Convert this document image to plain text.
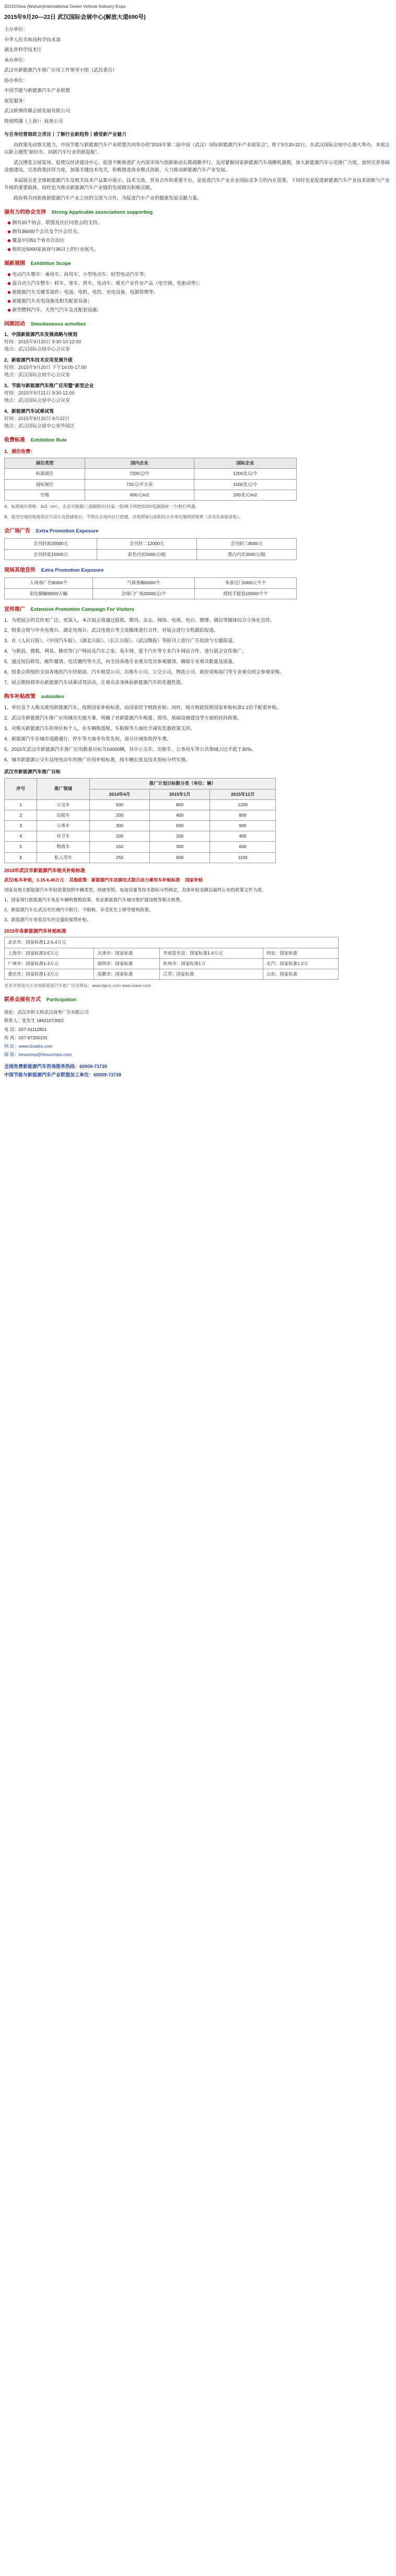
2015China (Wuhan)International Green Vehicle Industry Expo
2015年9月20—22日 武汉国际会展中心(解放大道690号)

主办单位：

中华人民共和国科学技术部

湖北省科学技术厅

承办单位：

武汉市新能源汽车推广应用工作领导小组（武昌委员）

协办单位：

中国节能与新能源汽车产业联盟

展览服务：

武汉欧博传媒会展发展有限公司

特别鸣谢（上海）：商务公司

与自身经营商政立项目丨了解行业新趋势丨感受新产业魅力

由政策先动察无能力，中国节能与新能源汽车产业联盟共同举办的“2015年第二届中国（武汉）国际新能源汽车产业展览会”，将于9月20-22日，在武汉国际会展中心盛大举办。本展会以新主题性“新旧车、同新汽车行业的新起航”。

武汉博览会展览场、促使以经济建设中心、促进不断推进扩大内需市场与创新驱动长期战略并行，及对紧握国家新能源汽车战略机遇期，加大新能源汽车示范推广力度，加快完善基础设施建设，完善政策扶持力度，加强关键技术攻关，积极推进商业模式创新，大力推动新能源汽车产业发展。

本届展会是全球新能源汽车及相关技术产品集中展示、技术交流、贸易合作的重要平台，是促进汽车产业企业国际竞争力的内在需要，下同时也是促进新能源汽车产业技术创新与产业升级的重要载体，同时也为推动新能源汽车产业链的发展做出积极贡献。

政府将共同助推新能源汽车产业之间的交流与合作，为促进汽车产业的健康发展贡献力量。

强有力的协会支持 Strong Applicable associations supporting
◆ 拥有20个协会、联盟及社区同意会的支持。
◆ 拥有36000个会员及个区会员关。
◆ 覆盖中国51个省市自治区
◆ 组织近5000家展商与36以上的行业展关。
展新展围 Exhibition Scope
◆ 电动汽车整车：乘用车、商用车、小型电动车、轻型电动汽车等；
◆ 混合动力汽车整车：轿车、客车、货车、电动车、观光产业作业产品（电空调、电驱动等）；
◆ 新能源汽车关键零部件：电池、电机、电控、充电设备、电源管理等；
◆ 新能源汽车充电设施及相关配套设备；
◆ 新型燃料汽车、天然气汽车及其配套设施。
同期活动 Simultaneous activities
1、中国新能源汽车发展战略与规划
时间：2015年9月20日 9:30-10:12:00
地点：武汉国际会展中心会议室
2、新能源汽车技术应用发展升级
时间：2015年9月20日 下午14:00-17:00
地点：武汉国际会展中心会议室
3、节能与新能源汽车推广应用暨“新型企业
时间：2015年9月21日 9:30-12:00
地点：武汉国际会展中心会议室
4、新能源汽车试乘试驾
时间：2015年9月20日-9月22日
地点：武汉国际会展中心室外展区
收费标准 Exhibition Rule
1、展位收费：
展位类型	国内企业	国际企业
标准展位	7200元/个	1200美元/个
商标展位	720元/平方米	1500美元/个
空地	600元/m2	200美元/m2
A、标准展位规格：3x3（m²），企业可根据/三面隔板/位社桌一张/椅子两把/220V电源插座一个/射灯两盏。
B、租用空地的展商须自行设计及搭建展台、不得在会场内自行搭建，并按照展台面积向主办单位缴纳管理费（详见其参展章程）。
会广场广告 Extra Promotion Exposure
会刊封面20000元	会刊封二12000元	会刊封三8000元
会刊封底15000元	彩色内页5000元/版	黑白内页3000元/版
现场其他宣传 Extra Promotion Exposure
入场券广告9000/个	气球条幅6000/个	布景过门5000元个个
彩色横幅9000/万幅	会场门广场20000元/个	授权手提袋10000/个个
宣传推广 Extensive Promotion Campaign For Visitors

1、为使展会的宣传更广泛、更深入，本次展会将通过报纸、期刊、杂志、网络、电视、电台、微博、微信等媒体综合立体化宣传。

2、组委会将与中央电视台、湖北电视台、武汉电视台等主流媒体进行合作，对展会进行全程跟踪报道。

3、在《人民日报》、《中国汽车报》、《湖北日报》、《长江日报》、《武汉晚报》等报刊上进行广告投放与专题报道。

4、与新浪、搜狐、网易、腾讯等门户网站及汽车之家、易车网、爱卡汽车等专业汽车网站合作，进行展会宣传推广。

5、通过短信群发、邮件邀请、电话邀约等方式，向全国各地专业观众发出参观邀请，确保专业观众数量及质量。

6、组委会将组织全国各地的汽车经销商、汽车租赁公司、出租车公司、公交公司、物流公司、政府采购部门等专业观众到会参观采购。

7、展会期间将举办新能源汽车试乘试驾活动，让观众亲身体验新能源汽车的优越性能。

购车补贴政策 subsidies

1、单位及个人购买使用新能源汽车，按照国家补贴标准，由国家给予财政补贴；同时，地方财政按照国家补贴标准1:1给予配套补贴。

2、武汉市新能源汽车推广应用城市实施方案，明确了对新能源汽车购置、使用、基础设施建设等方面的扶持政策。

3、对购买新能源汽车的单位和个人，在车辆购置税、车船税等方面给予减免优惠政策支持。

4、新能源汽车在城市道路通行、停车等方面享有优先权，部分区域免收停车费。

5、2015年武汉市新能源汽车推广应用数量目标为10000辆，其中公交车、出租车、公务用车等公共领域占比不低于30%。

6、城市新能源公交车及纯电动车的推广应用补贴标准，按车辆长度及技术指标分档实施。

武汉市新能源汽车推广目标
序号	推广领域	推广计划目标数分类（单位：辆）		
		2014年4月	2015年1月	2015年12月
1	公交车	500	800	1200
2	出租车	200	400	800
3	公务车	300	500	900
4	环卫车	100	200	400
5	物流车	150	300	600
6	私人用车	250	600	1100
2015年武汉市新能源汽车相关补贴标准
武汉/私车补贴，3.15-6.45万元 其他政策：新能源汽车及插电式混合动力乘用车补贴标准 国家补贴

国家及地方新能源汽车补贴政策按照车辆类型、续驶里程、电池容量等技术指标分档核定，具体补贴金额以最终公布的政策文件为准。

1、国家现行新能源汽车免征车辆购置税政策，免征新能源汽车城市维护建设税等相关税费。

2、新能源汽车在武汉市区域内不限行、不限购，享受优先上牌等便利政策。

3、新能源汽车免收首年的交强险保费补贴。

2015年各新能源汽车补贴标准
北京市：国家标准1.2-5.4万元			
上海市：国家标准3-5万元	天津市：国家标准	华南富市县：国家标准1-4万元	西安：国家标准
广州市：国家标准1-3万元	深圳市：国家标准	杭州市：国家标准1万	北汽：国家标准1.2万
重庆市：国家标准1-3万元	成都市：国家标准	江苏：国家标准	山东：国家标准
更多详情请关注各地新能源汽车推广应用网站：www.bjevc.com www.ixaoe.com
联系会展有方式 Participation
地址：武汉市积玉桥武汉商务广告有限公司
联系人：张先生 18621072002
电 话：027-61112801
传 真：027-87250155
网 址：www.lzsales.com
邮 箱：hexunmp@hexunmps.com
全国免费新能源汽车咨询服务热线：60009-73739
中国节能与新能源汽车产业联盟加工单位：60009-73739
